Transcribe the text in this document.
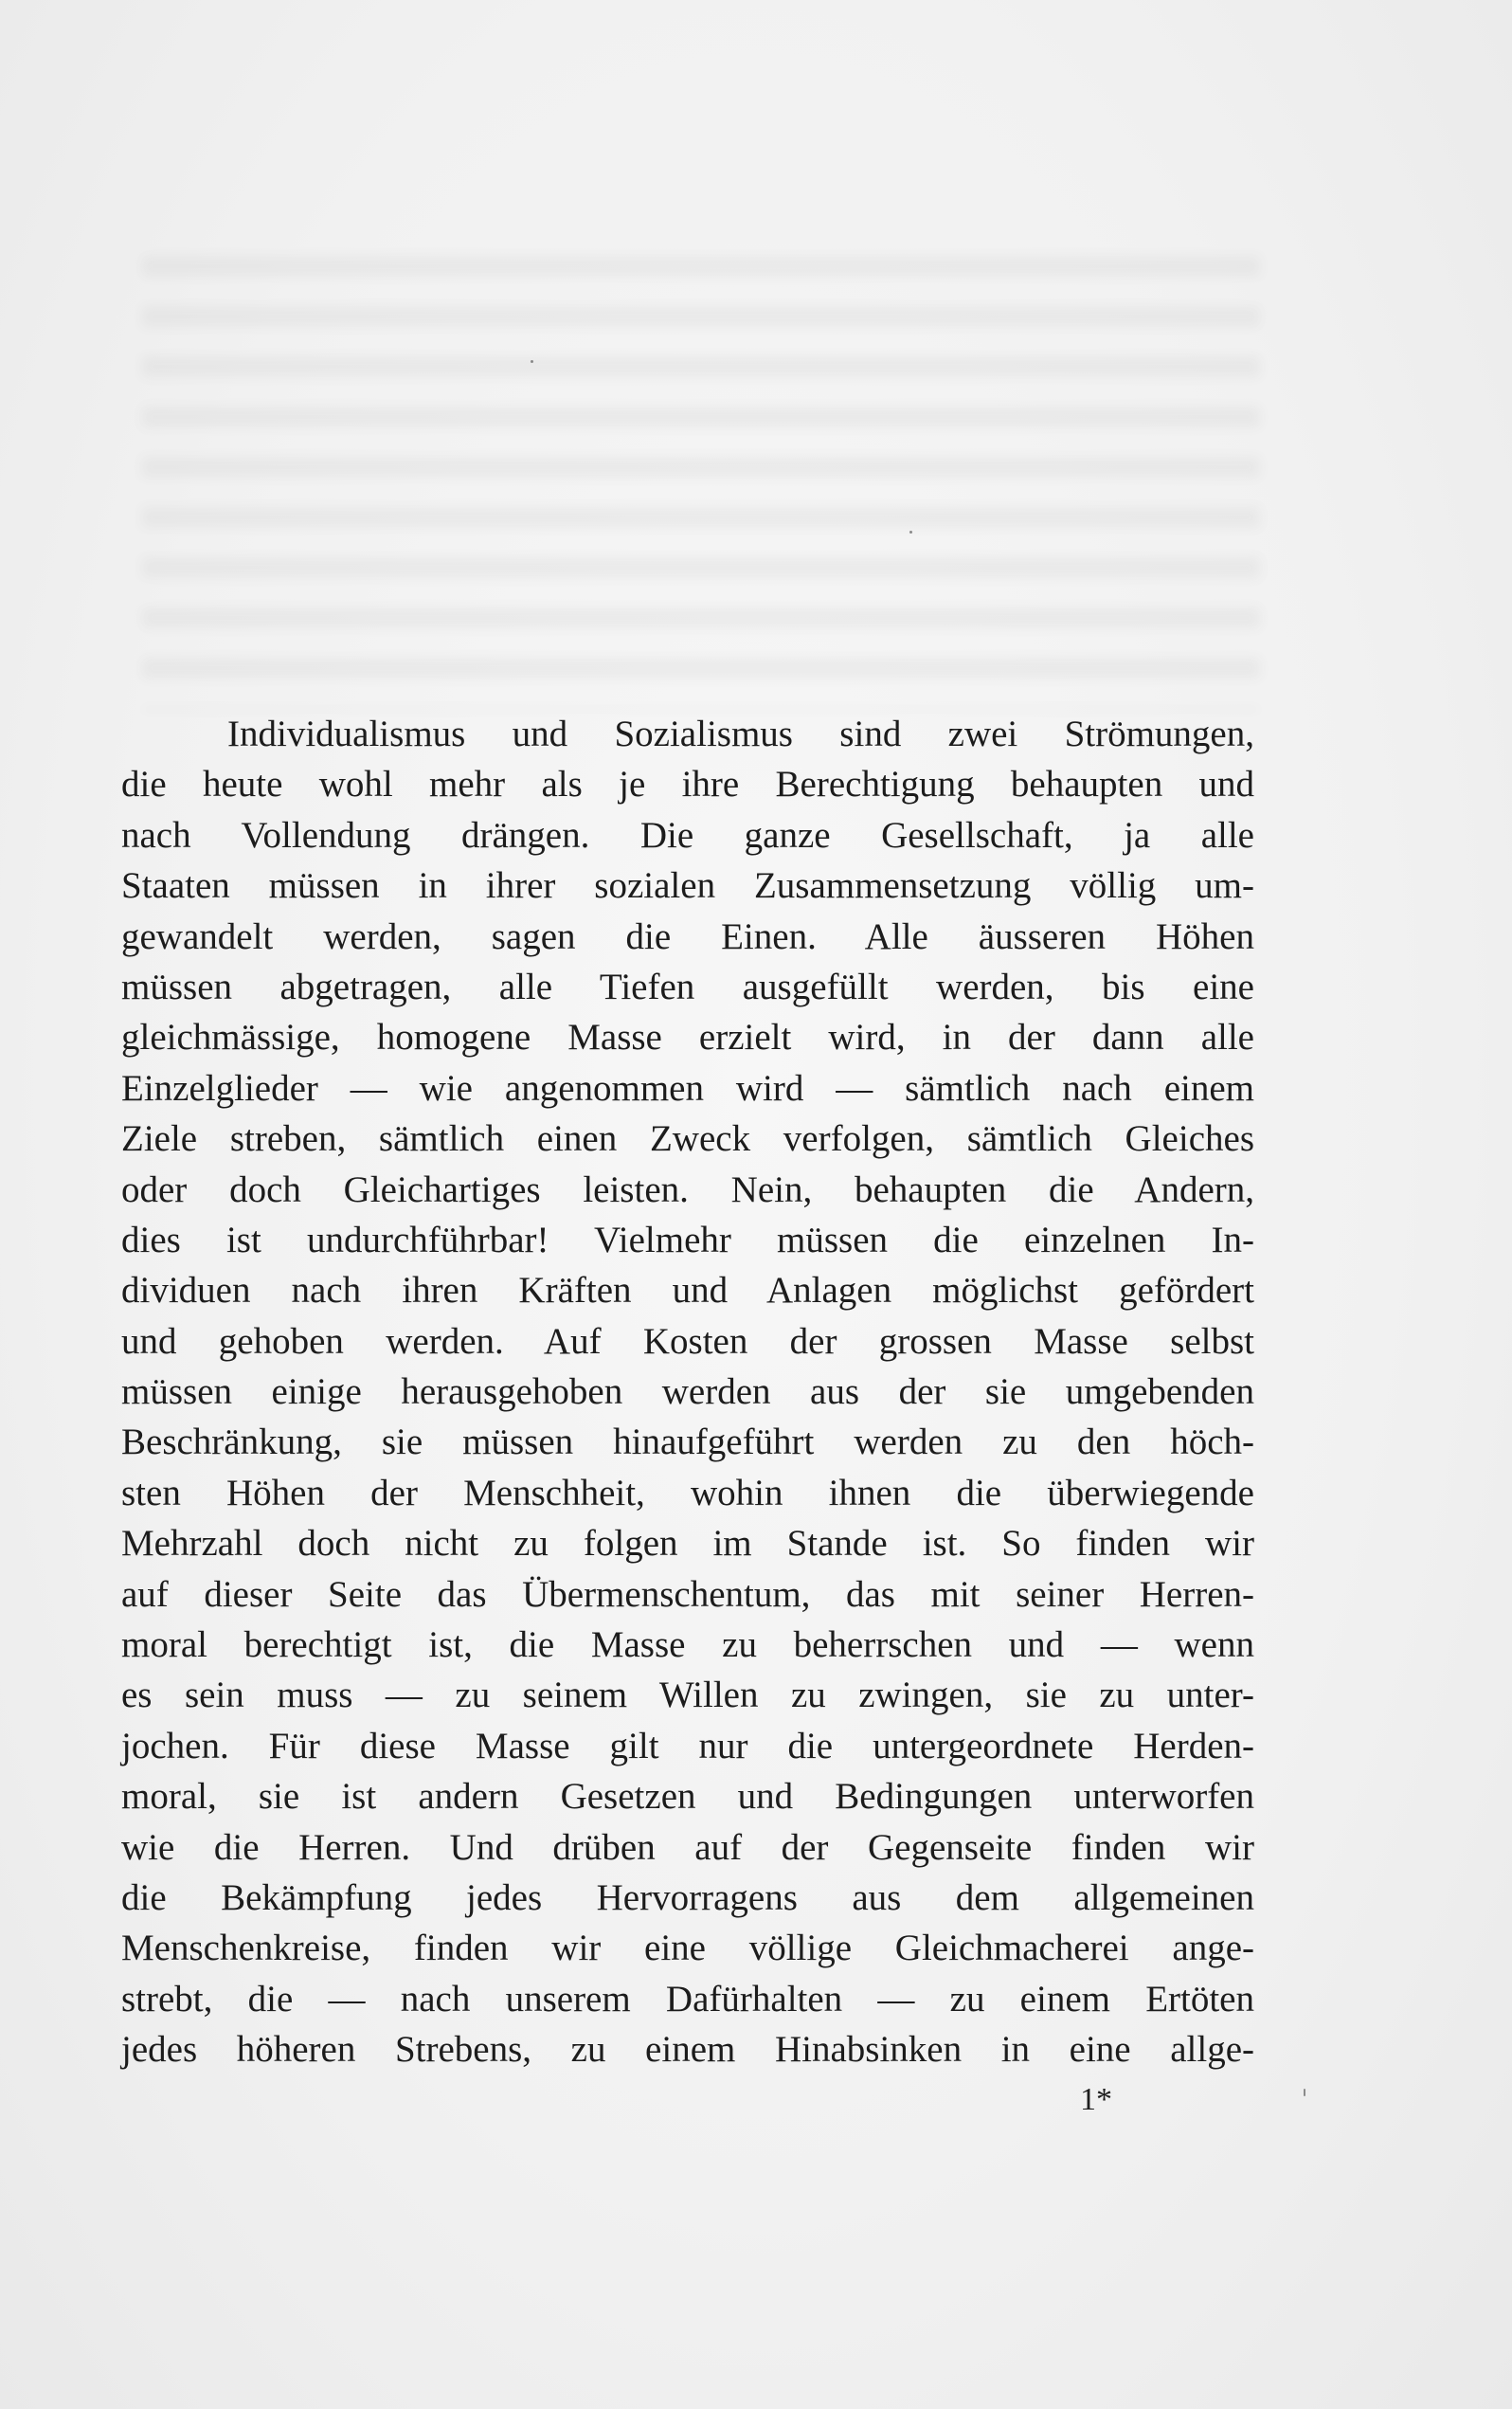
Individualismus und Sozialismus sind zwei Strömungen,
die heute wohl mehr als je ihre Berechtigung behaupten und
nach Vollendung drängen. Die ganze Gesellschaft, ja alle
Staaten müssen in ihrer sozialen Zusammensetzung völlig um-
gewandelt werden, sagen die Einen. Alle äusseren Höhen
müssen abgetragen, alle Tiefen ausgefüllt werden, bis eine
gleichmässige, homogene Masse erzielt wird, in der dann alle
Einzelglieder — wie angenommen wird — sämtlich nach einem
Ziele streben, sämtlich einen Zweck verfolgen, sämtlich Gleiches
oder doch Gleichartiges leisten. Nein, behaupten die Andern,
dies ist undurchführbar! Vielmehr müssen die einzelnen In-
dividuen nach ihren Kräften und Anlagen möglichst gefördert
und gehoben werden. Auf Kosten der grossen Masse selbst
müssen einige herausgehoben werden aus der sie umgebenden
Beschränkung, sie müssen hinaufgeführt werden zu den höch-
sten Höhen der Menschheit, wohin ihnen die überwiegende
Mehrzahl doch nicht zu folgen im Stande ist. So finden wir
auf dieser Seite das Übermenschentum, das mit seiner Herren-
moral berechtigt ist, die Masse zu beherrschen und — wenn
es sein muss — zu seinem Willen zu zwingen, sie zu unter-
jochen. Für diese Masse gilt nur die untergeordnete Herden-
moral, sie ist andern Gesetzen und Bedingungen unterworfen
wie die Herren. Und drüben auf der Gegenseite finden wir
die Bekämpfung jedes Hervorragens aus dem allgemeinen
Menschenkreise, finden wir eine völlige Gleichmacherei ange-
strebt, die — nach unserem Dafürhalten — zu einem Ertöten
jedes höheren Strebens, zu einem Hinabsinken in eine allge-
1*
